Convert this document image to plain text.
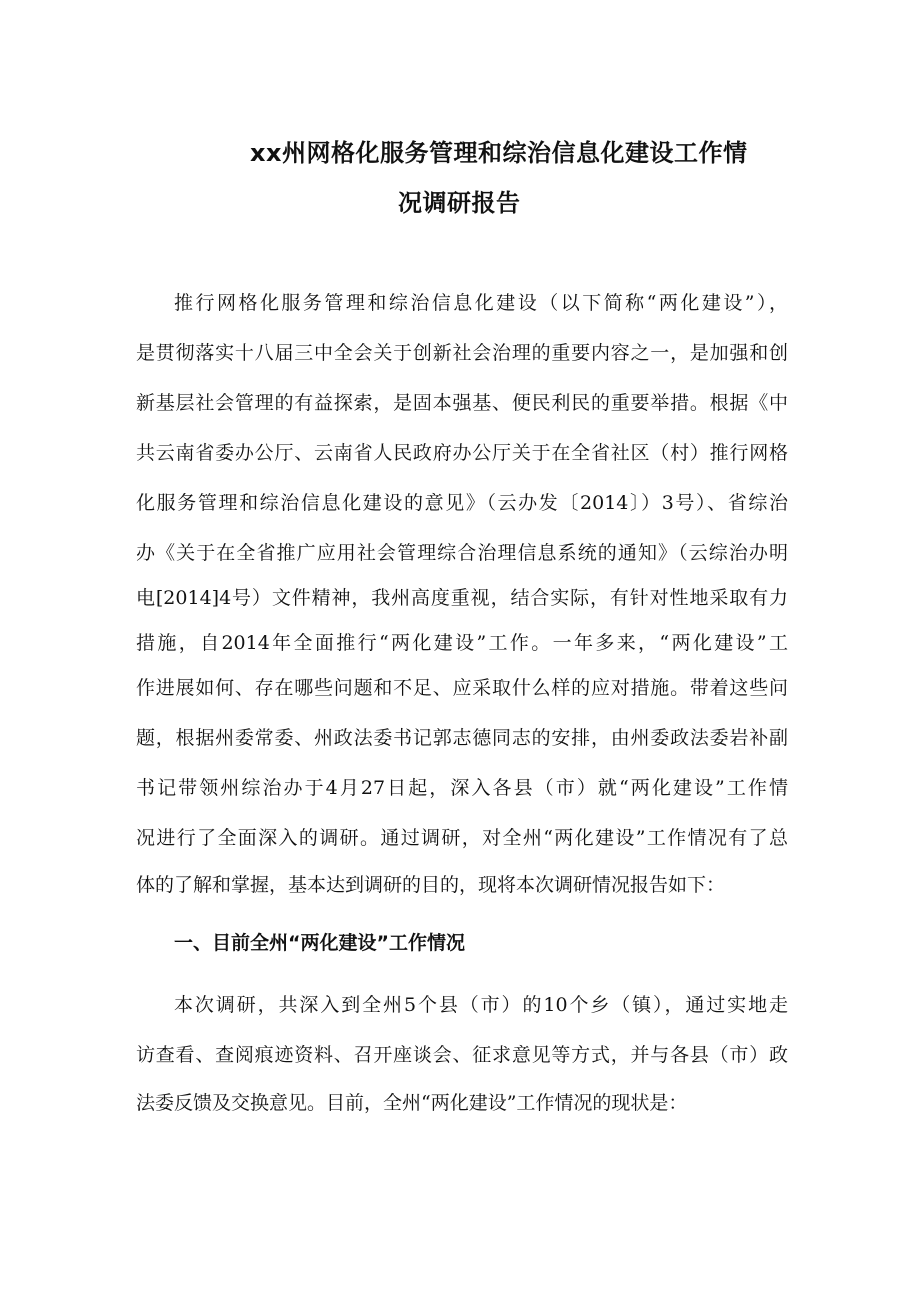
xx州网格化服务管理和综治信息化建设工作情
况调研报告
推行网格化服务管理和综治信息化建设（以下简称“两化建设”），
是贯彻落实十八届三中全会关于创新社会治理的重要内容之一，是加强和创
新基层社会管理的有益探索，是固本强基、便民利民的重要举措。根据《中
共云南省委办公厅、云南省人民政府办公厅关于在全省社区（村）推行网格
化服务管理和综治信息化建设的意见》（云办发〔2014〕）3号）、省综治
办《关于在全省推广应用社会管理综合治理信息系统的通知》（云综治办明
电[2014]4号）文件精神，我州高度重视，结合实际，有针对性地采取有力
措施，自2014年全面推行“两化建设”工作。一年多来，“两化建设”工
作进展如何、存在哪些问题和不足、应采取什么样的应对措施。带着这些问
题，根据州委常委、州政法委书记郭志德同志的安排，由州委政法委岩补副
书记带领州综治办于4月27日起，深入各县（市）就“两化建设”工作情
况进行了全面深入的调研。通过调研，对全州“两化建设”工作情况有了总
体的了解和掌握，基本达到调研的目的，现将本次调研情况报告如下：
一、目前全州“两化建设”工作情况
本次调研，共深入到全州5个县（市）的10个乡（镇），通过实地走
访查看、查阅痕迹资料、召开座谈会、征求意见等方式，并与各县（市）政
法委反馈及交换意见。目前，全州“两化建设”工作情况的现状是：
